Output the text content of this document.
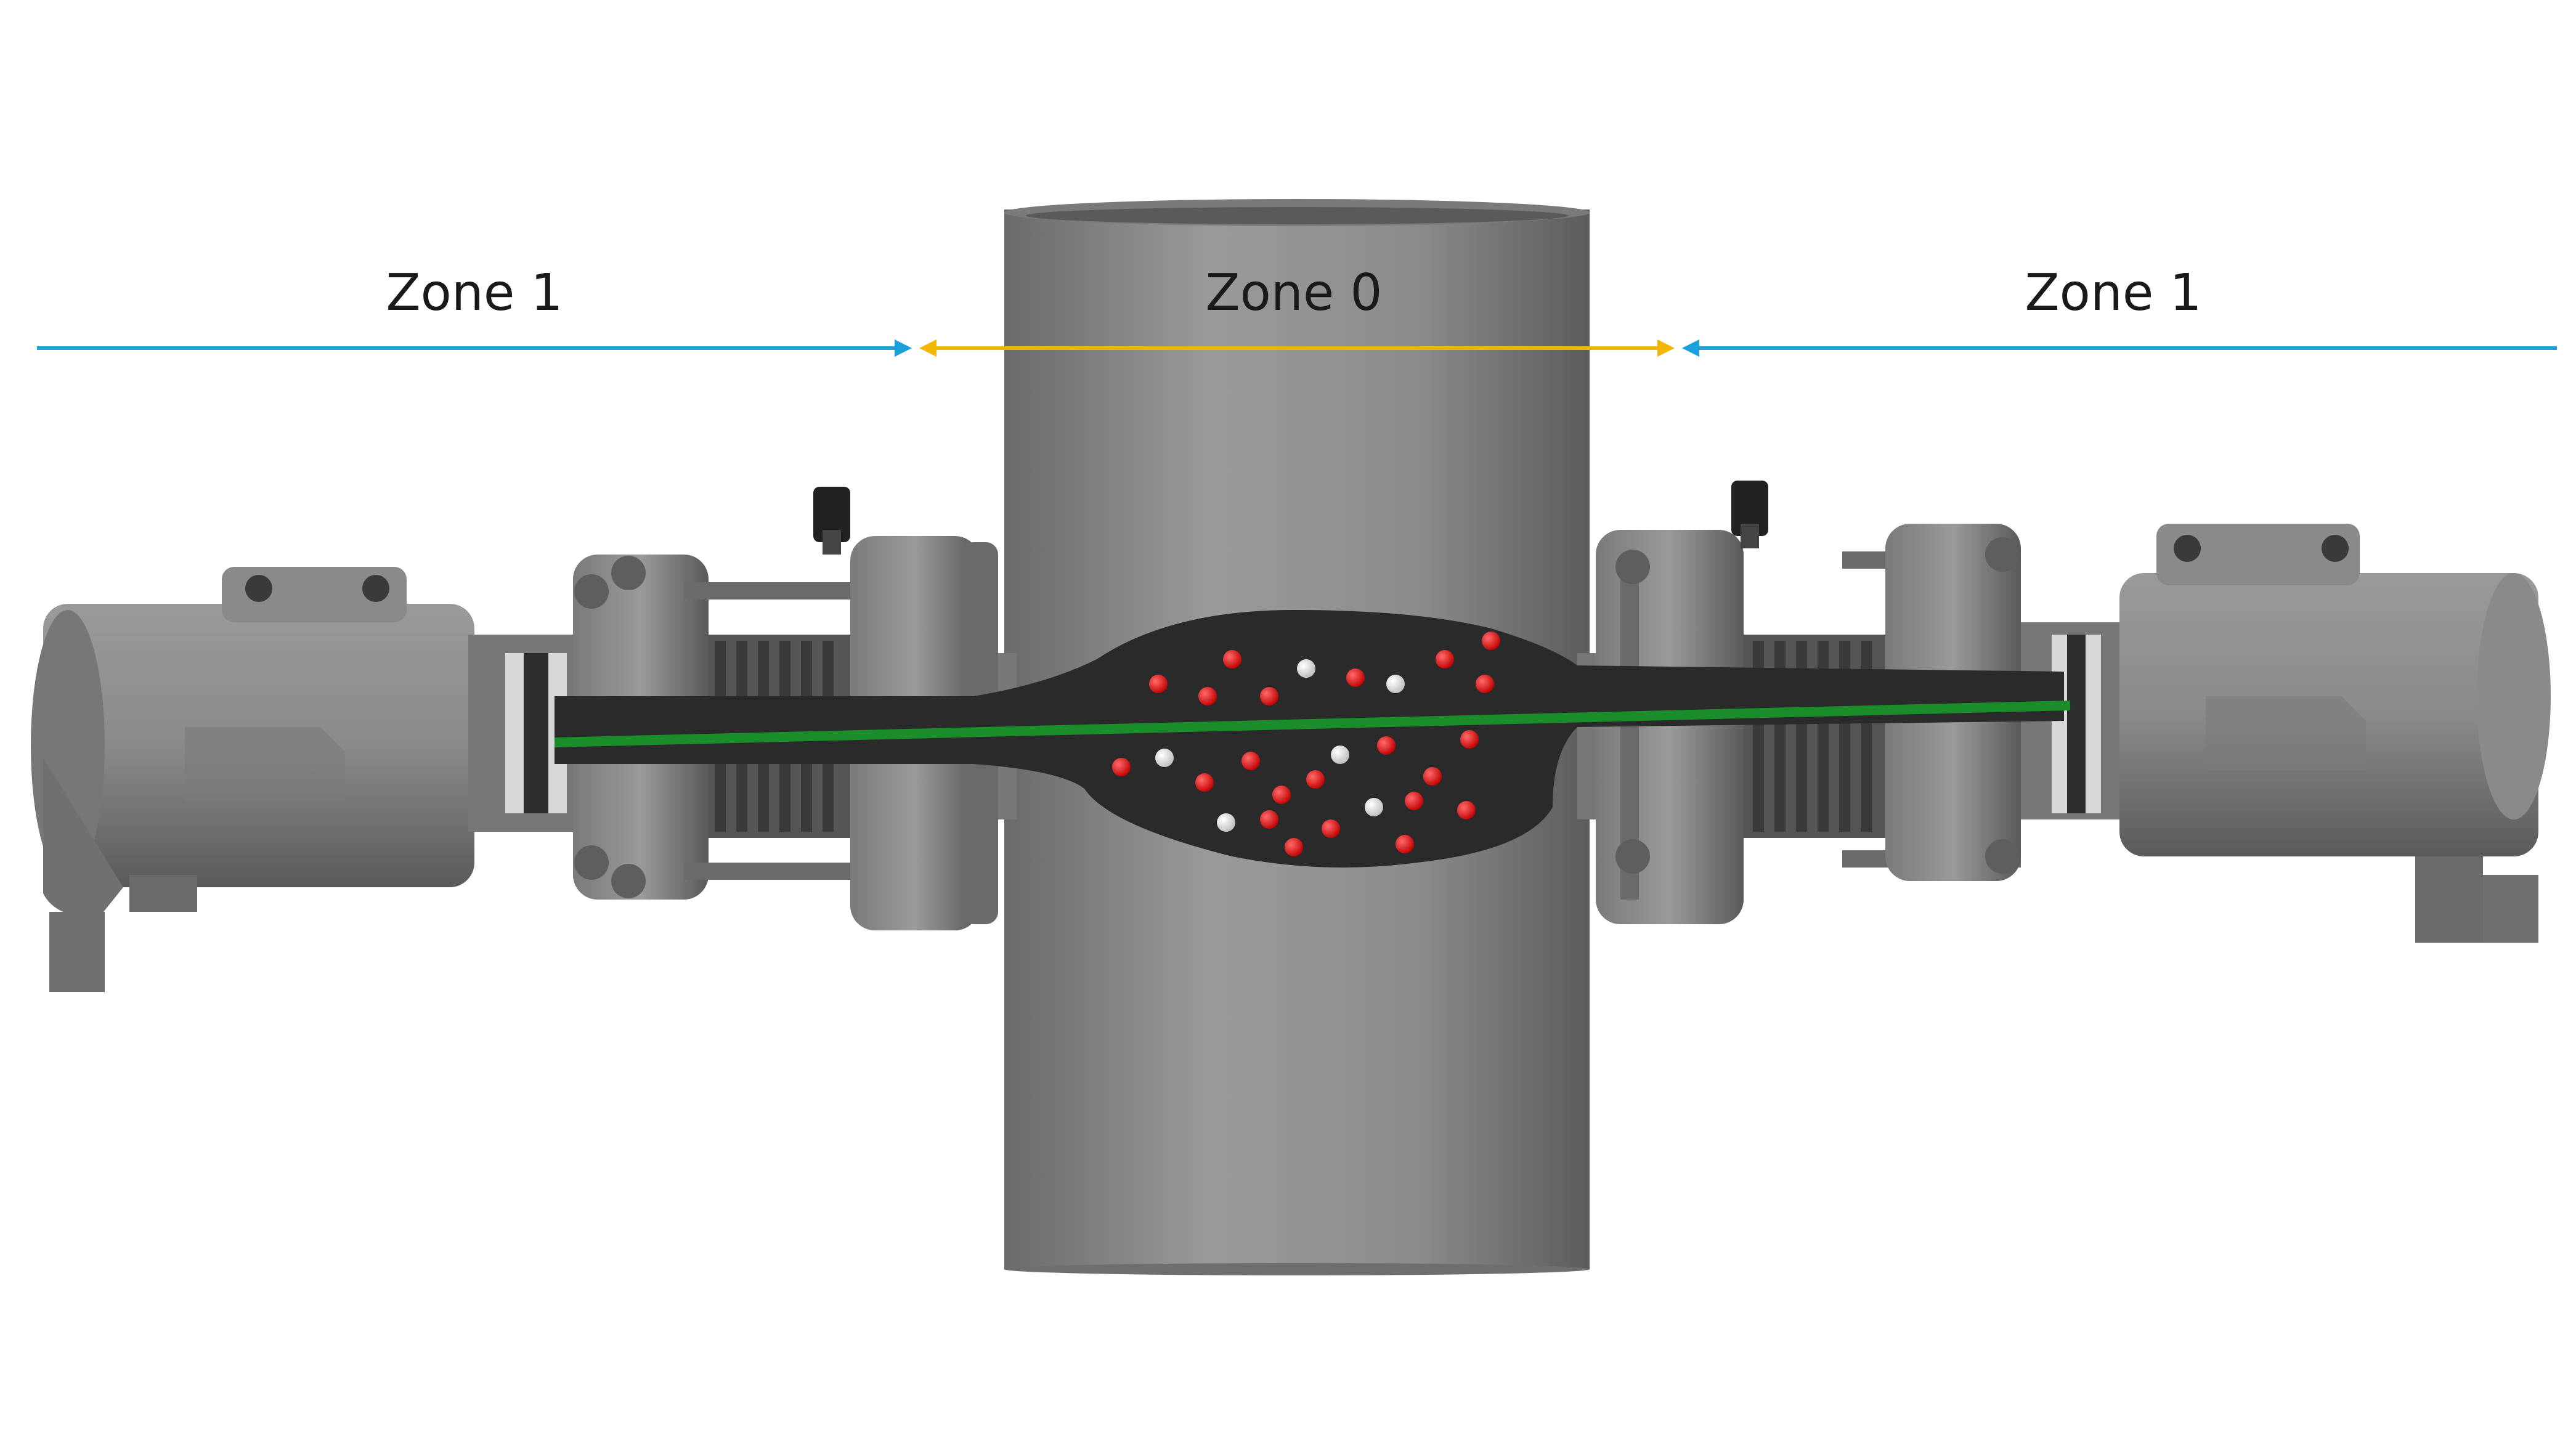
Zone 1	Zone 0	Zone 1
